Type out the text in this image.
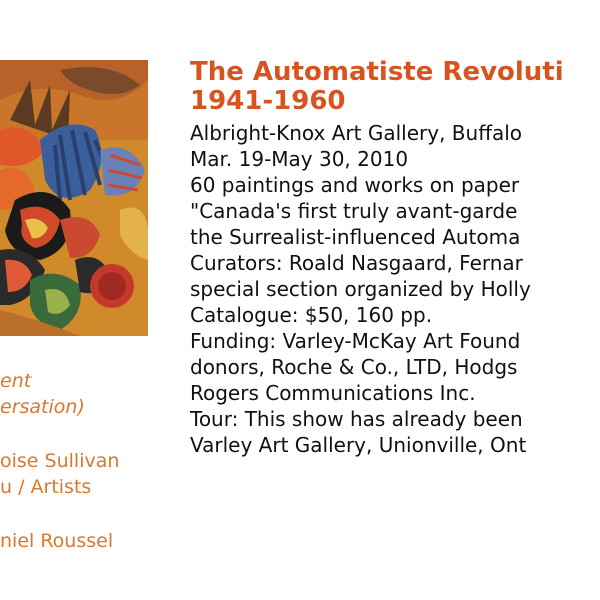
ent
ersation)
oise Sullivan
u / Artists
niel Roussel
The Automatiste Revoluti
1941-1960
Albright-Knox Art Gallery, Buffalo
Mar. 19-May 30, 2010
60 paintings and works on paper
"Canada's first truly avant-garde
the Surrealist-influenced Automa
Curators: Roald Nasgaard, Fernar
special section organized by Holly
Catalogue: $50, 160 pp.
Funding: Varley-McKay Art Found
donors, Roche & Co., LTD, Hodgs
Rogers Communications Inc.
Tour: This show has already been
Varley Art Gallery, Unionville, Ont
